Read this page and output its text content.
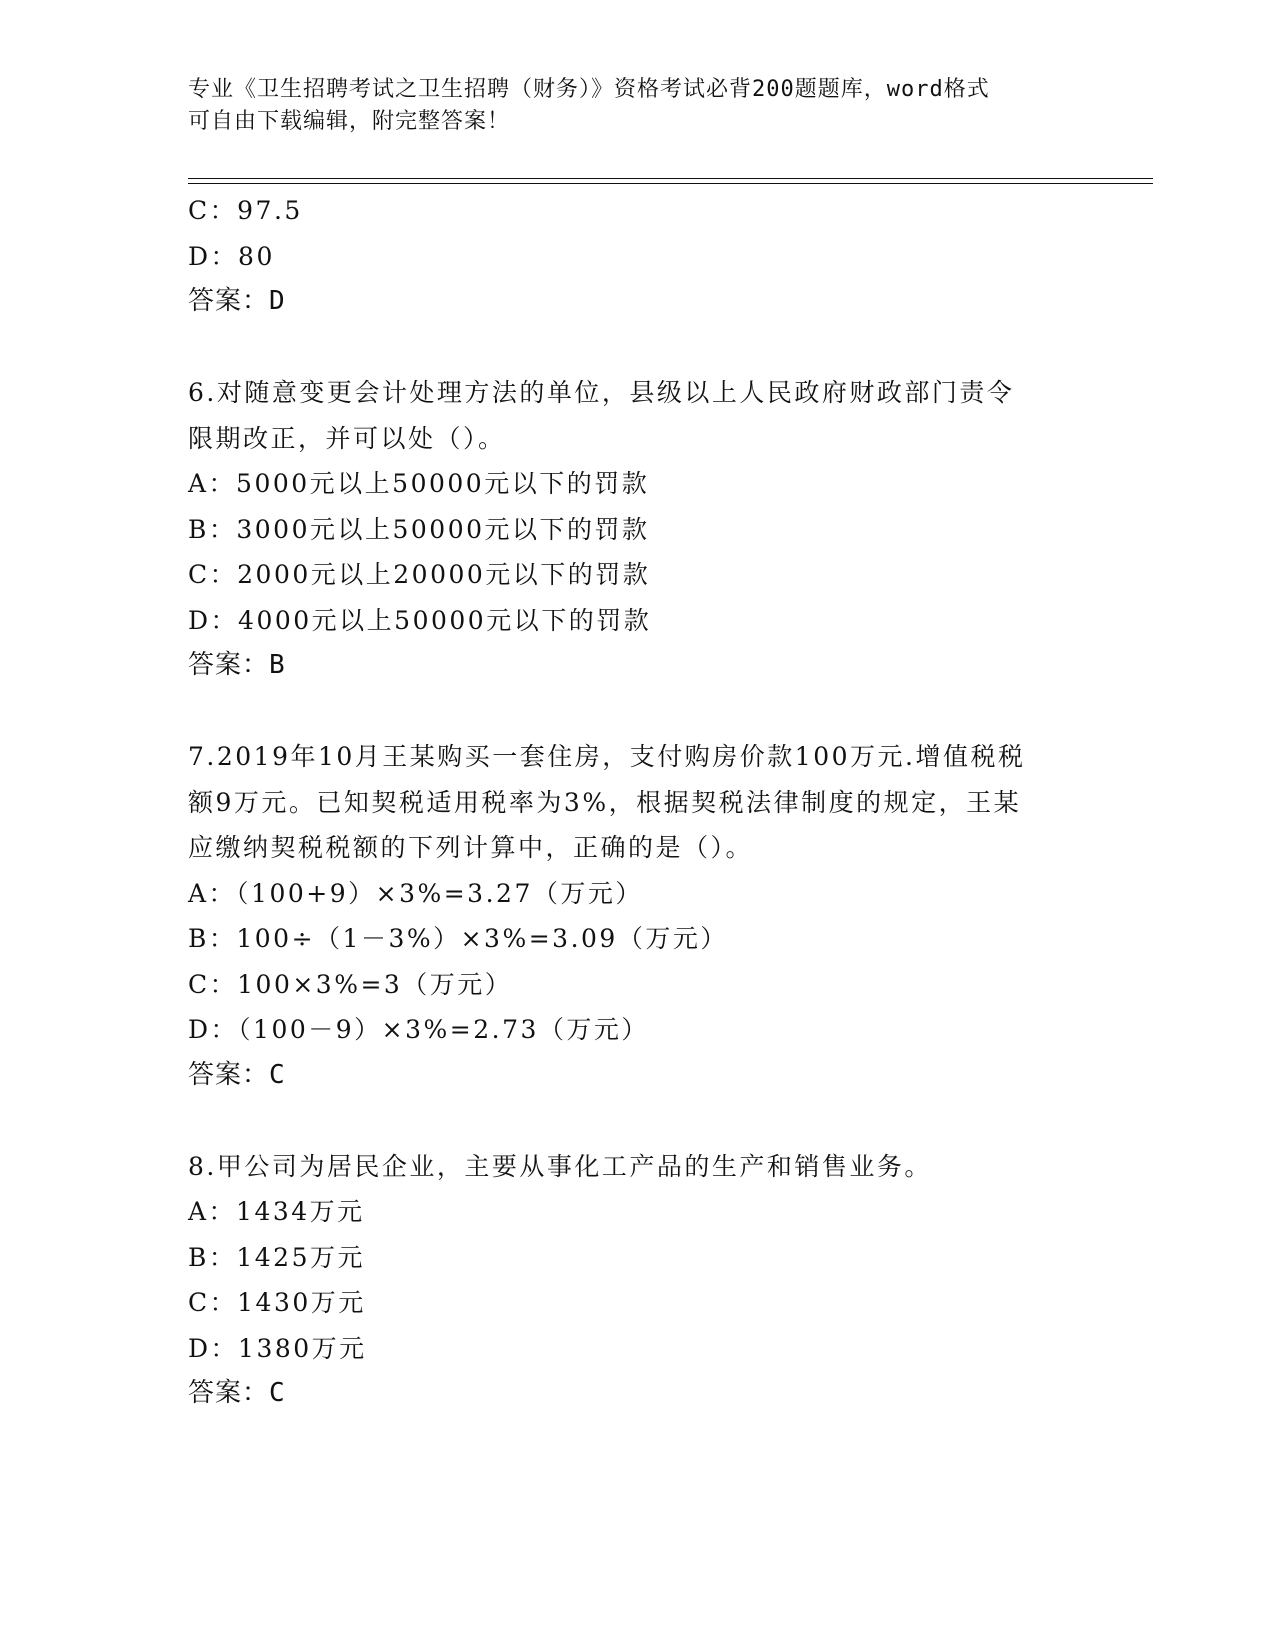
专业《卫生招聘考试之卫生招聘（财务）》资格考试必背200题题库，word格式
可自由下载编辑，附完整答案！
C：97.5
D：80
答案：D
6.对随意变更会计处理方法的单位，县级以上人民政府财政部门责令
限期改正，并可以处（）。
A：5000元以上50000元以下的罚款
B：3000元以上50000元以下的罚款
C：2000元以上20000元以下的罚款
D：4000元以上50000元以下的罚款
答案：B
7.2019年10月王某购买一套住房，支付购房价款100万元.增值税税
额9万元。已知契税适用税率为3%，根据契税法律制度的规定，王某
应缴纳契税税额的下列计算中，正确的是（）。
A：（100+9）×3%=3.27（万元）
B：100÷（1－3%）×3%=3.09（万元）
C：100×3%=3（万元）
D：（100－9）×3%=2.73（万元）
答案：C
8.甲公司为居民企业，主要从事化工产品的生产和销售业务。
A：1434万元
B：1425万元
C：1430万元
D：1380万元
答案：C
